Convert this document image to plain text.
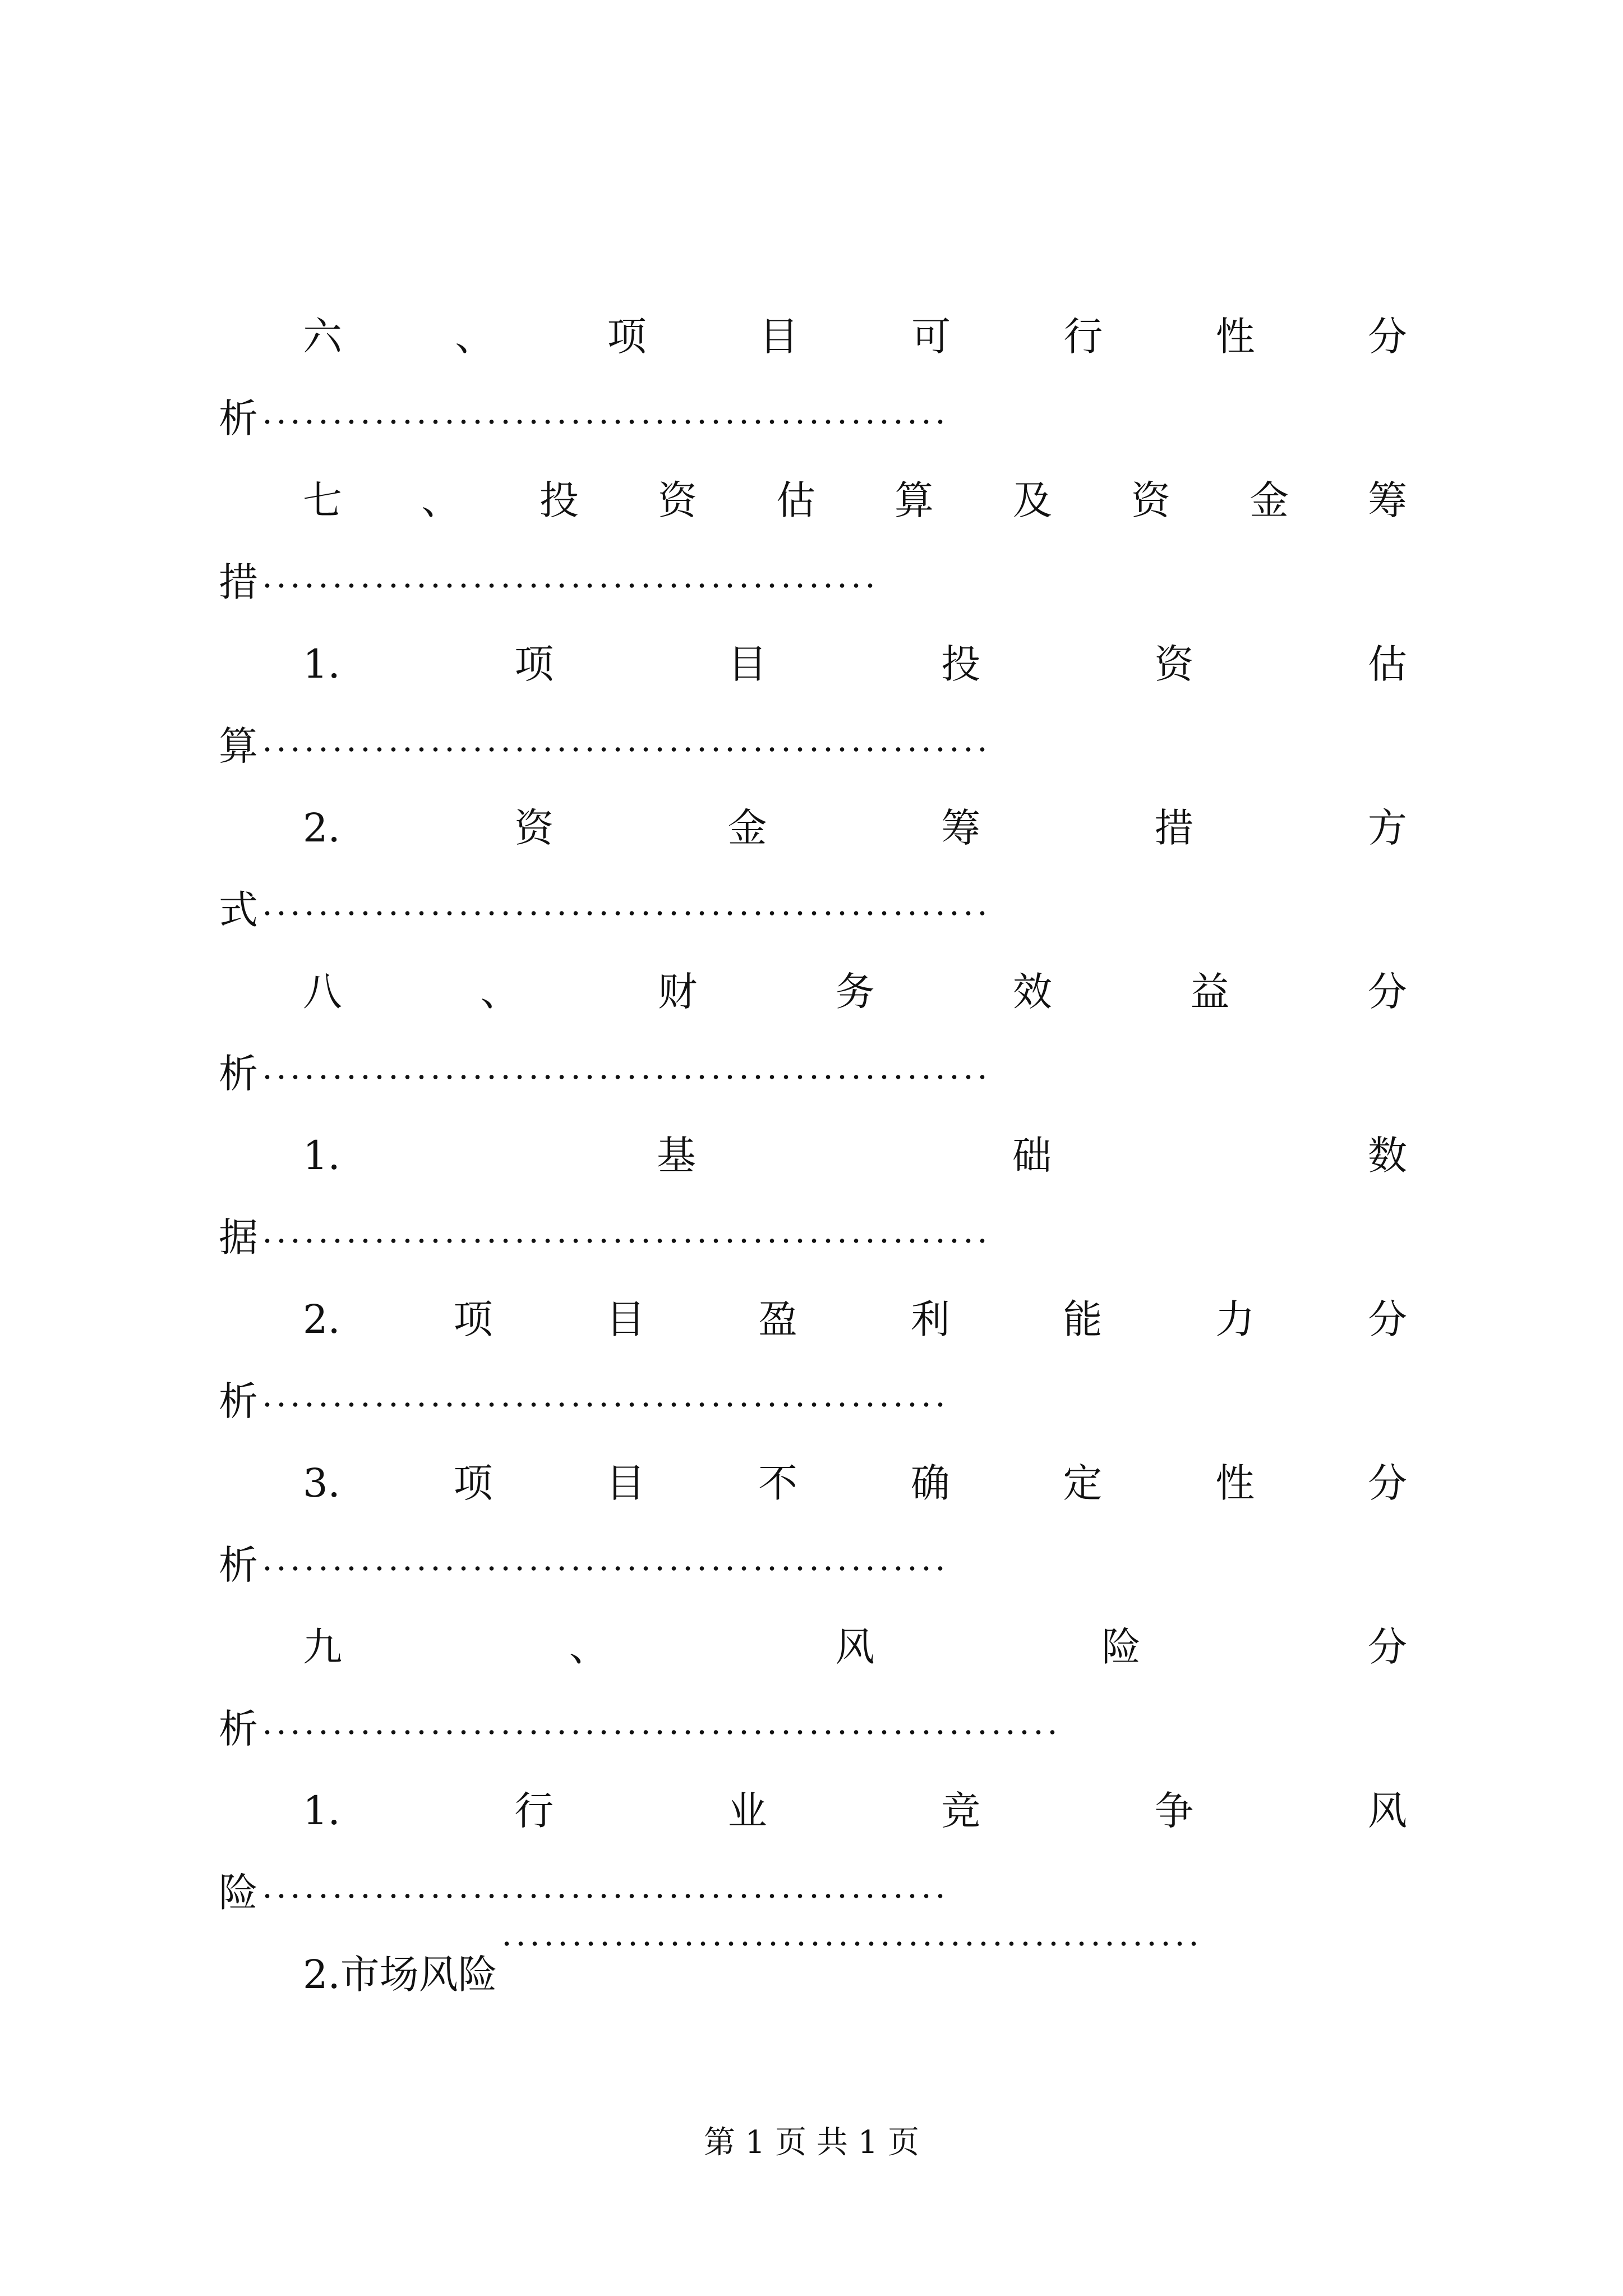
六	、	项	目	可	行	性	分
析
七 、 投 资 估 算 及 资 金 筹
措
1.	项	目	投	资	估
算
2.	资	金	筹	措	方
式
八	、	财	务	效	益	分
析
1.	基	础	数
据
2.	项	目	盈	利	能	力	分
析
3.	项	目	不	确	定	性	分
析
九	、	风	险	分
析
1.	行	业	竞	争	风
险
2.市场风险
第 1 页 共 1 页
